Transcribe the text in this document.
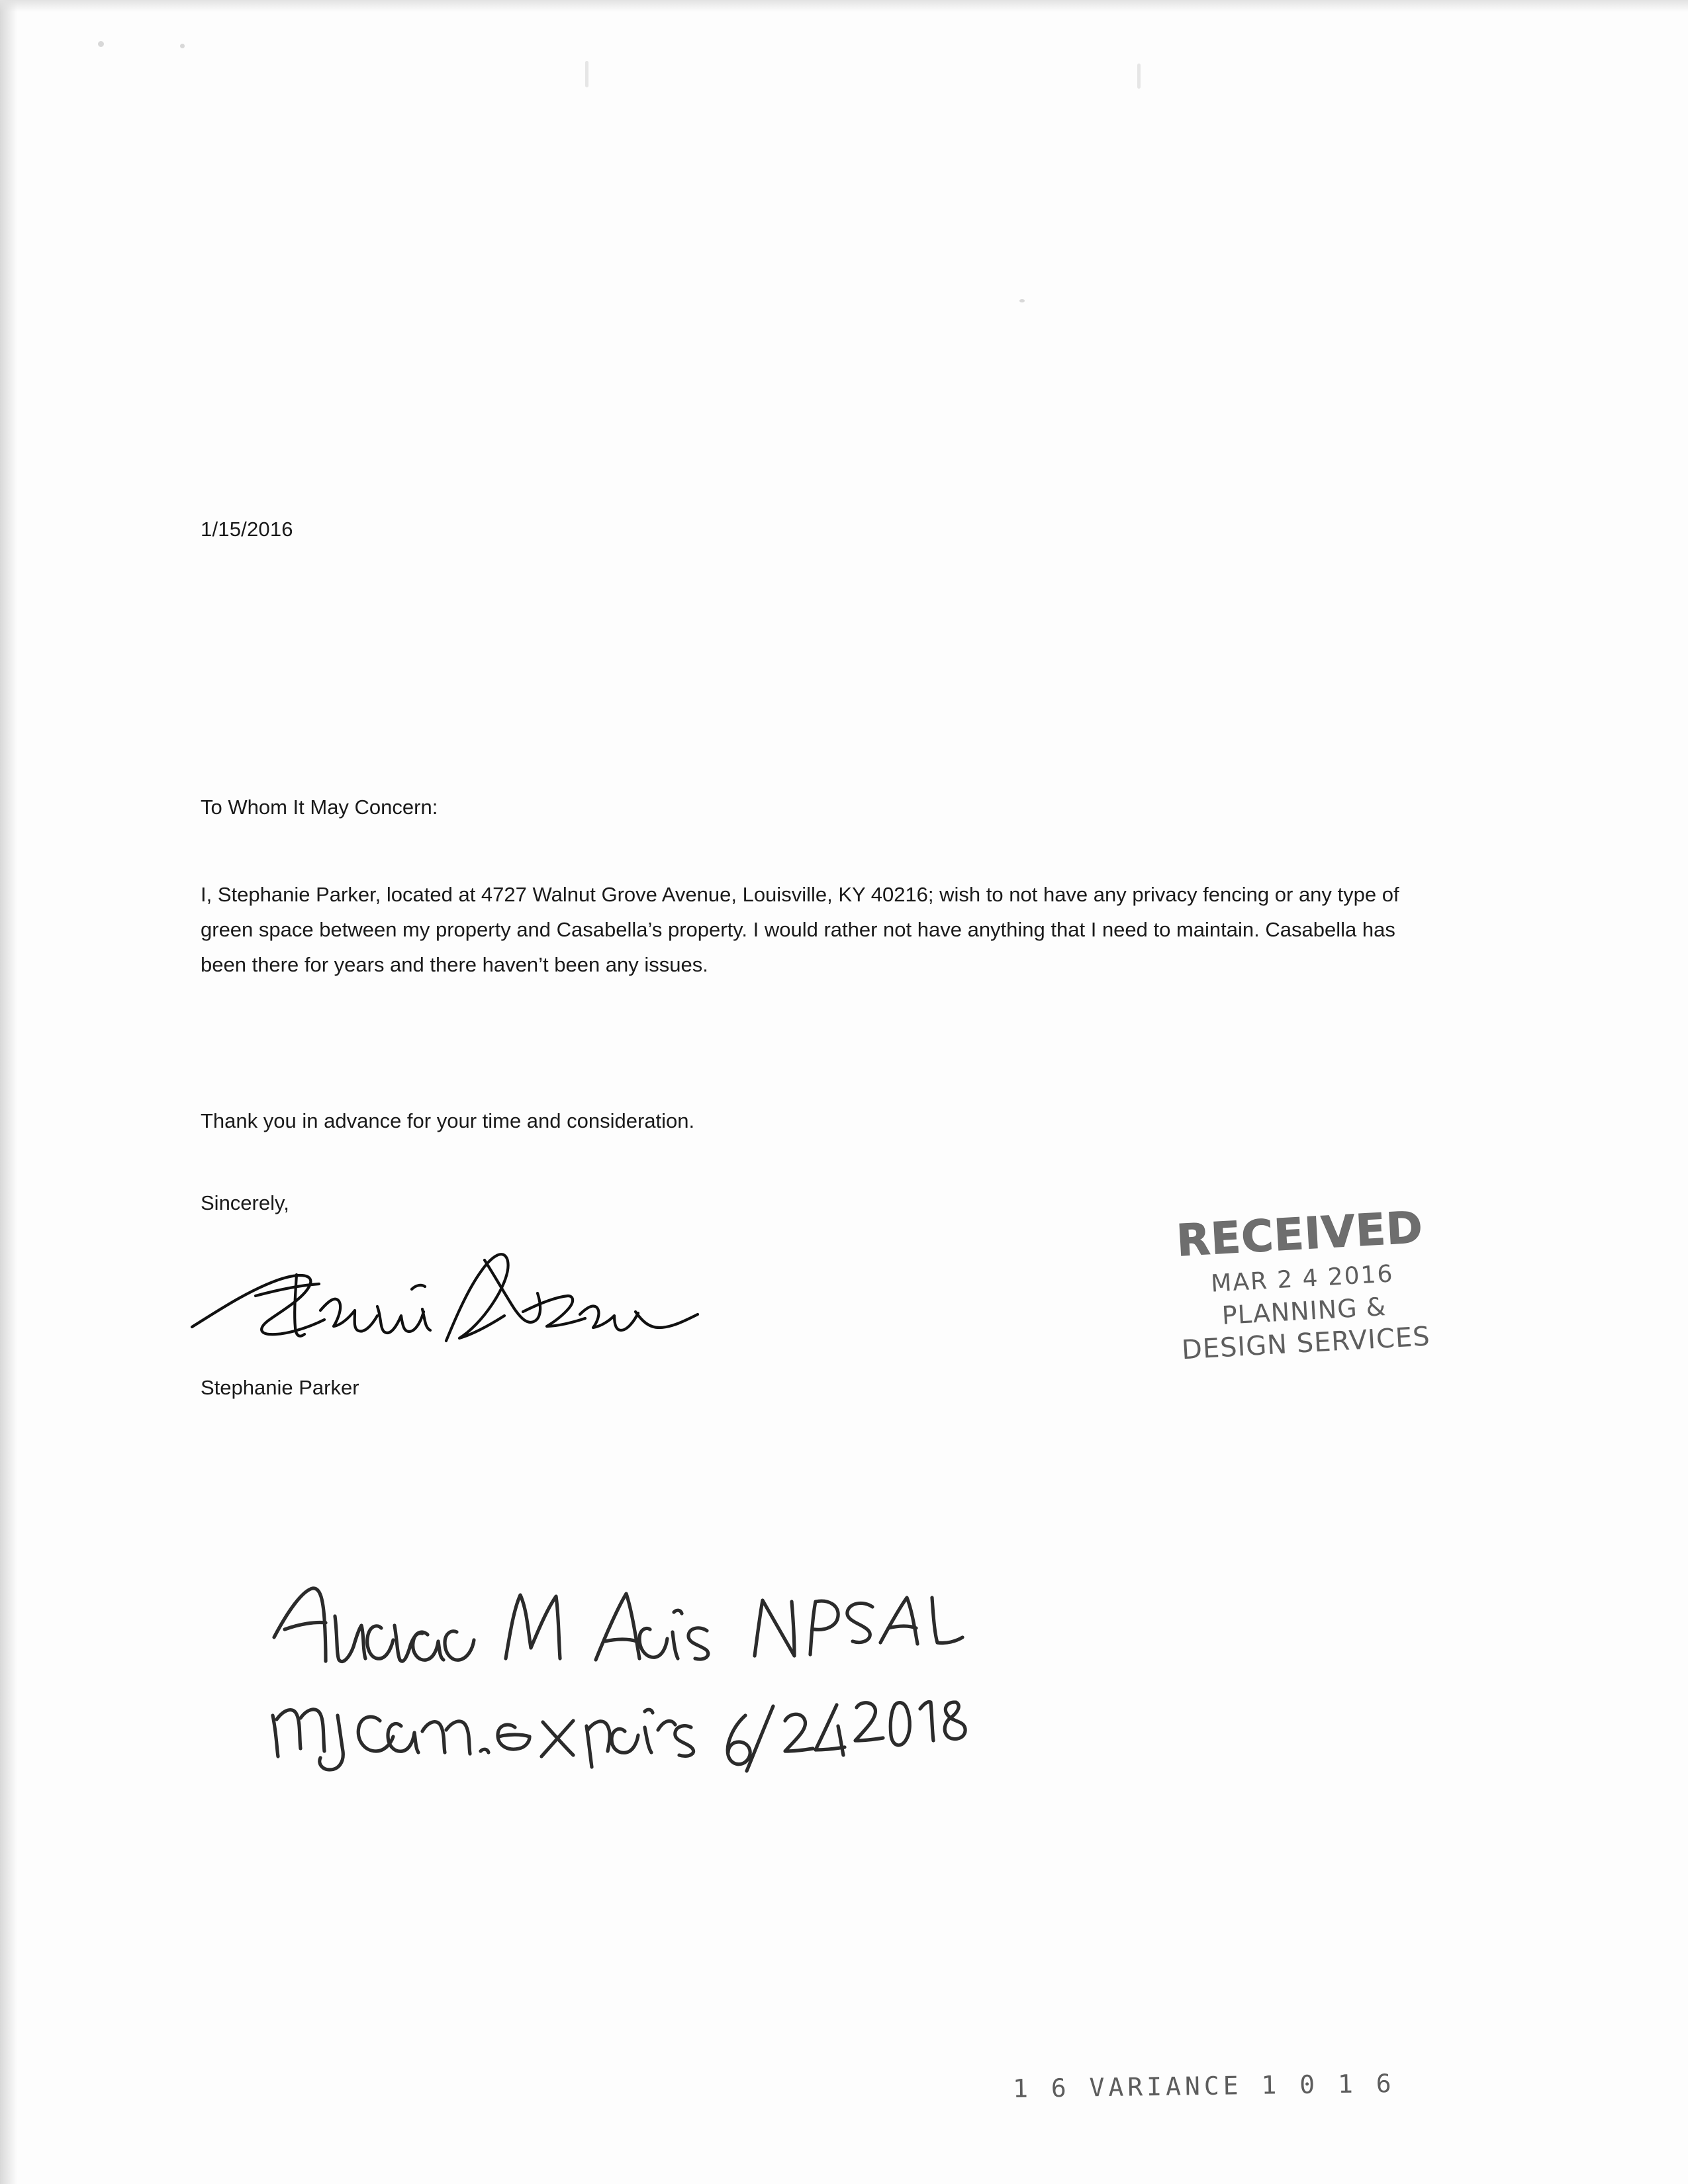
1/15/2016
To Whom It May Concern:
I, Stephanie Parker, located at 4727 Walnut Grove Avenue, Louisville, KY 40216; wish to not have any privacy fencing or any type of green space between my property and Casabella’s property. I would rather not have anything that I need to maintain. Casabella has been there for years and there haven’t been any issues.
Thank you in advance for your time and consideration.
Sincerely,
Stephanie Parker
RECEIVED
MAR 2 4 2016
PLANNING &
DESIGN SERVICES
1 6 VARIANCE 1 0 1 6
